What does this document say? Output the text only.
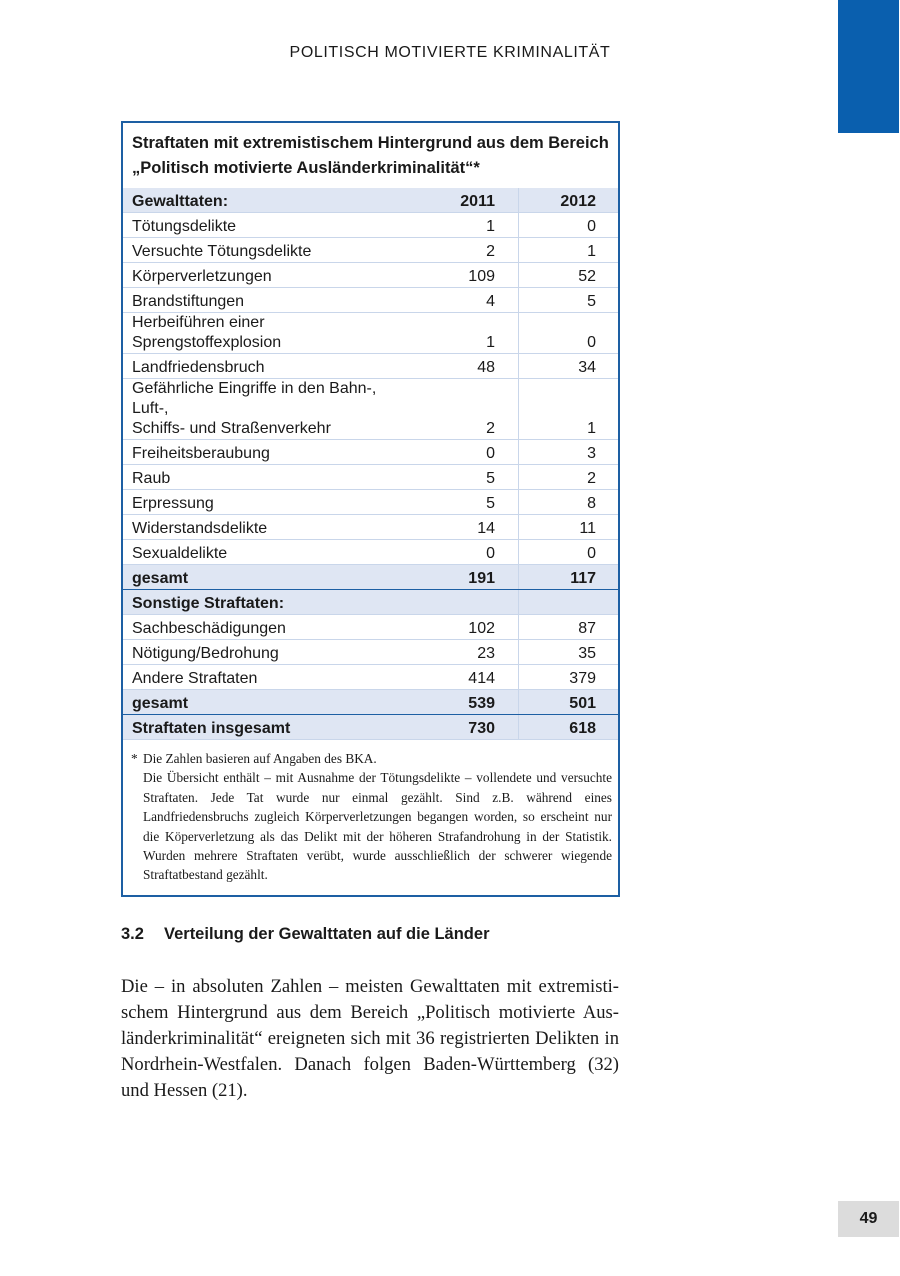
POLITISCH MOTIVIERTE KRIMINALITÄT
Straftaten mit extremistischem Hintergrund aus dem Bereich
„Politisch motivierte Ausländerkriminalität“*
Gewalttaten:	2011	2012
Tötungsdelikte	1	0
Versuchte Tötungsdelikte	2	1
Körperverletzungen	109	52
Brandstiftungen	4	5
Herbeiführen einer Sprengstoffexplosion	1	0
Landfriedensbruch	48	34

Gefährliche Eingriffe in den Bahn-, Luft-,
Schiffs- und Straßenverkehr	2	1
Freiheitsberaubung	0	3
Raub	5	2
Erpressung	5	8
Widerstandsdelikte	14	11
Sexualdelikte	0	0
gesamt	191	117
Sonstige Straftaten:		
Sachbeschädigungen	102	87
Nötigung/Bedrohung	23	35
Andere Straftaten	414	379
gesamt	539	501
Straftaten insgesamt	730	618
* Die Zahlen basieren auf Angaben des BKA.
Die Übersicht enthält – mit Ausnahme der Tötungsdelikte – vollendete und versuchte Straftaten. Jede Tat wurde nur einmal gezählt. Sind z.B. während eines Landfriedensbruchs zugleich Körperverletzungen begangen worden, so erscheint nur die Köperverletzung als das Delikt mit der höheren Strafandrohung in der Statistik. Wurden mehrere Straftaten verübt, wurde ausschließlich der schwerer wiegende Straftatbestand gezählt.
3.2 Verteilung der Gewalttaten auf die Länder
Die – in absoluten Zahlen – meisten Gewalttaten mit extremistischem Hintergrund aus dem Bereich „Politisch motivierte Ausländerkriminalität“ ereigneten sich mit 36 registrierten Delikten in Nordrhein-Westfalen. Danach folgen Baden-Württemberg (32) und Hessen (21).
49
